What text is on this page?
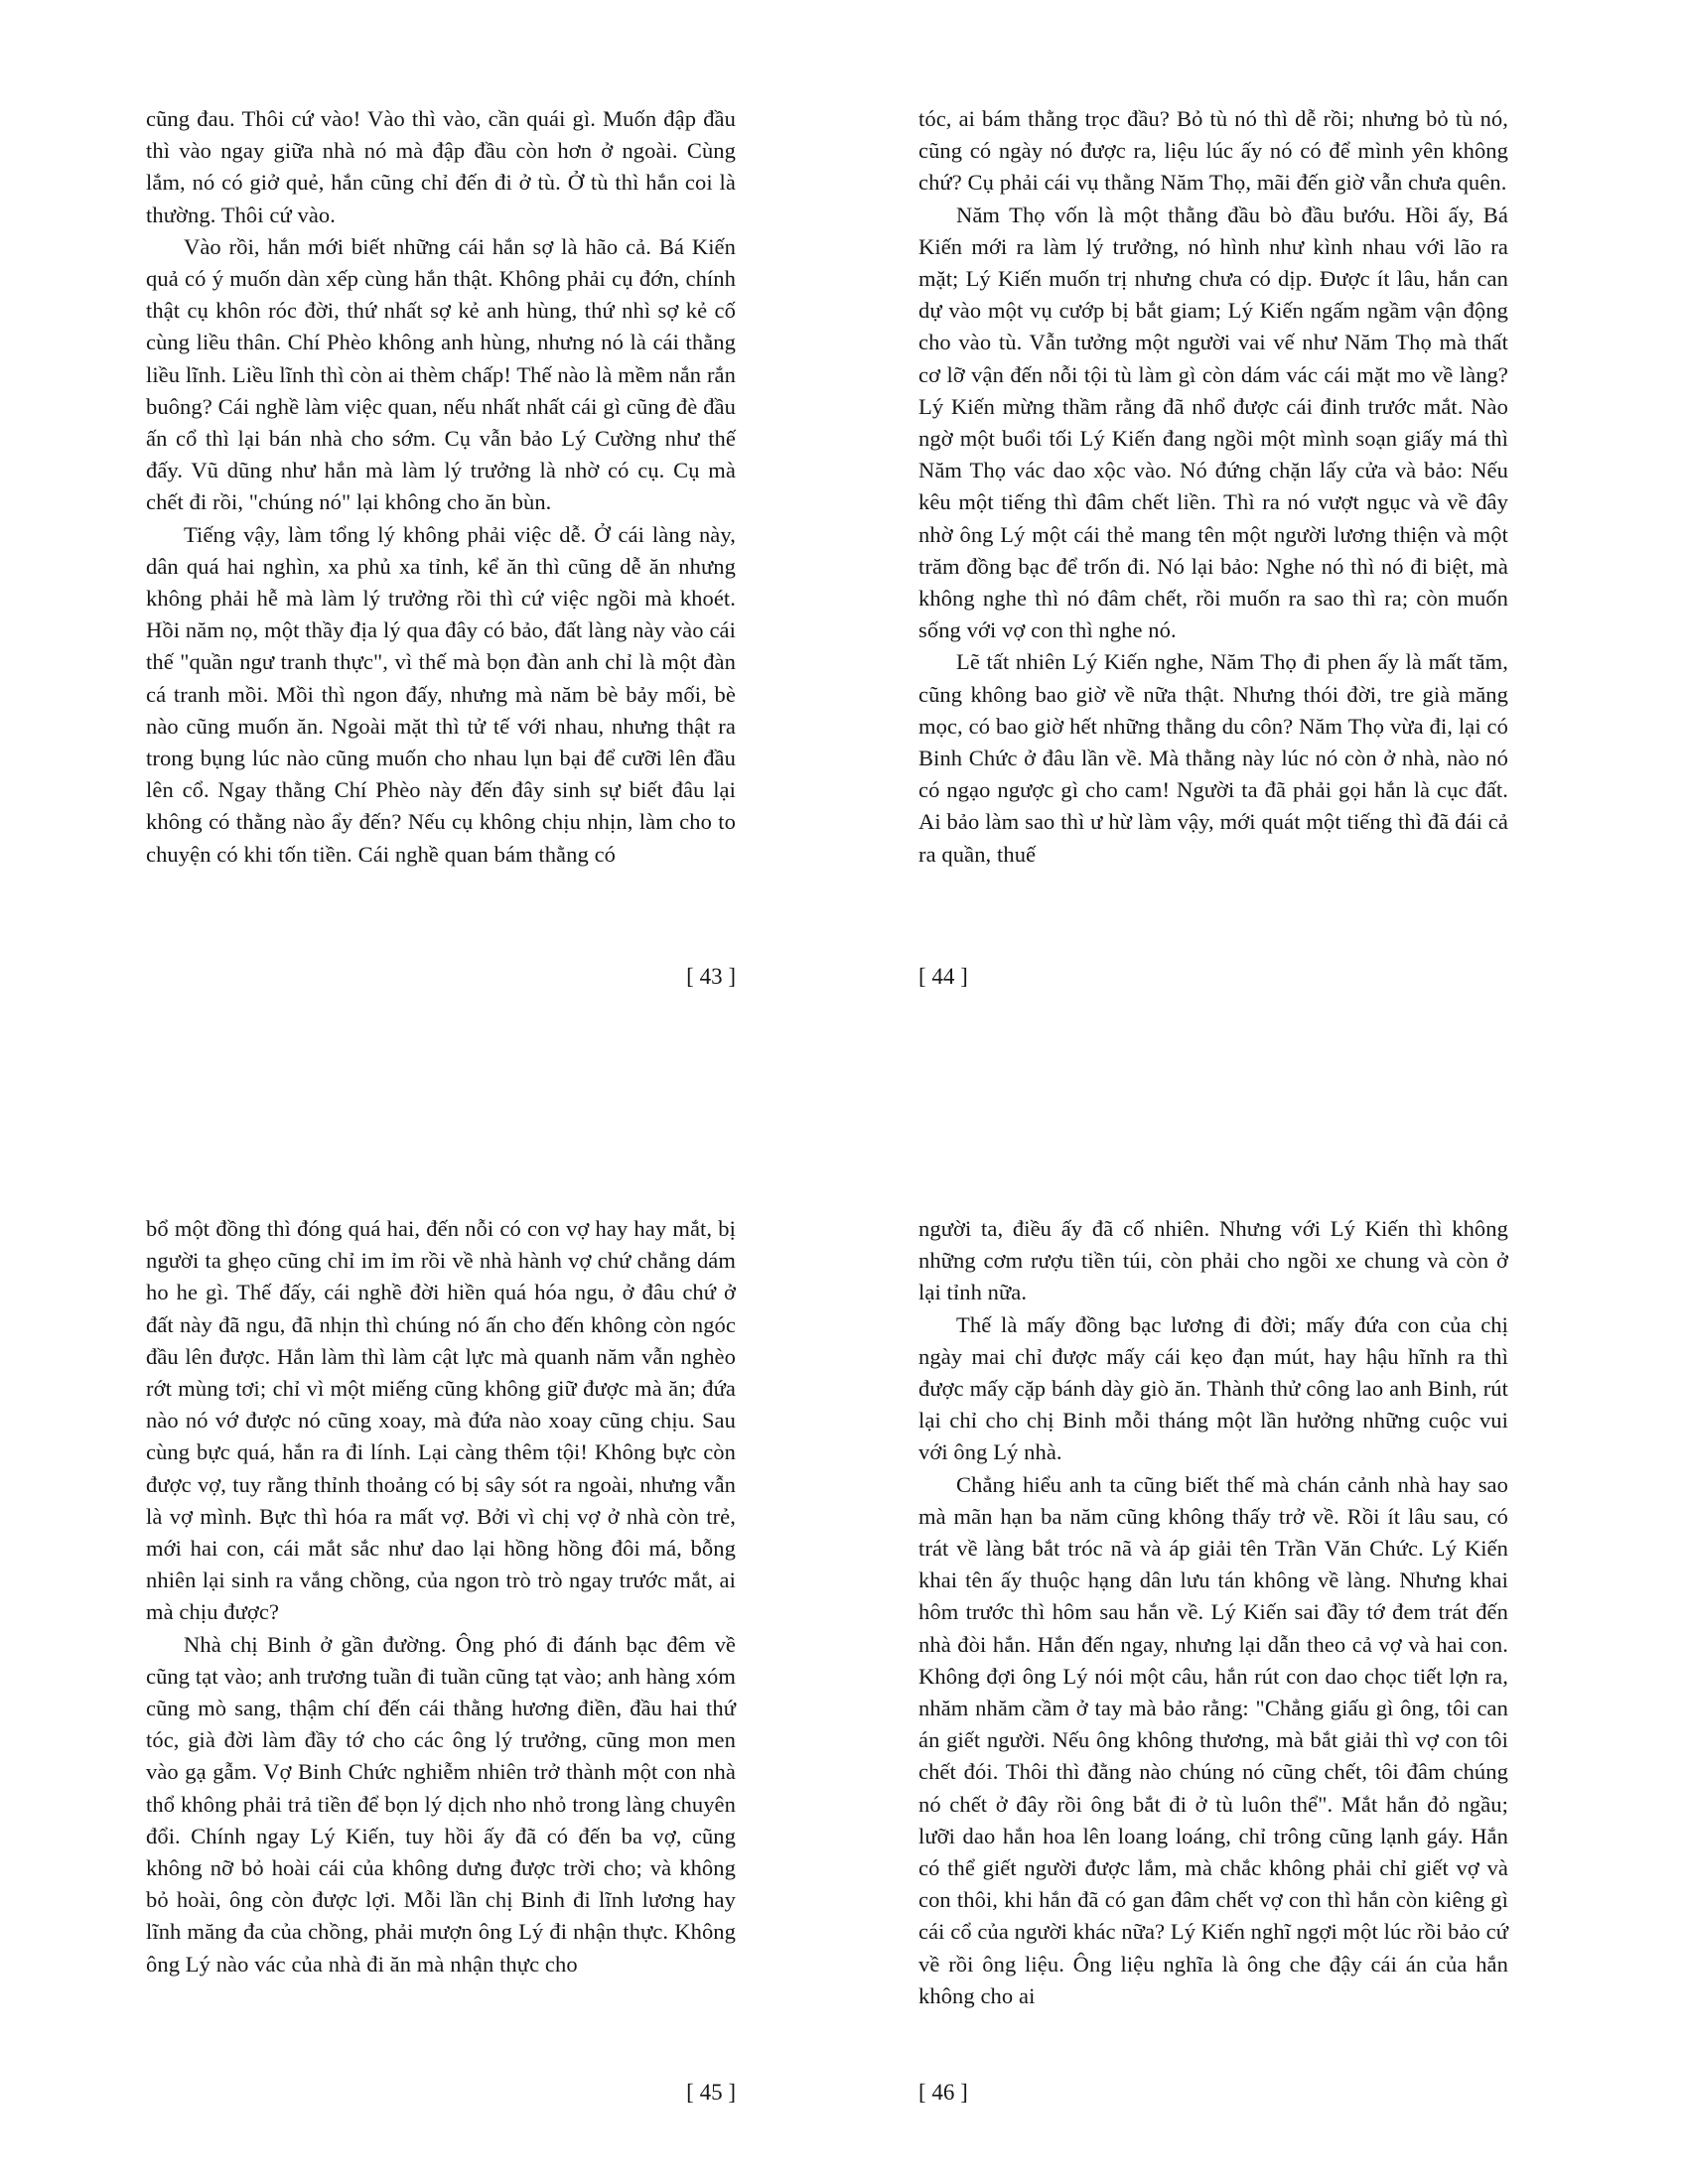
cũng đau. Thôi cứ vào! Vào thì vào, cần quái gì. Muốn đập đầu thì vào ngay giữa nhà nó mà đập đầu còn hơn ở ngoài. Cùng lắm, nó có giở quẻ, hắn cũng chỉ đến đi ở tù. Ở tù thì hắn coi là thường. Thôi cứ vào.

Vào rồi, hắn mới biết những cái hắn sợ là hão cả. Bá Kiến quả có ý muốn dàn xếp cùng hắn thật. Không phải cụ đớn, chính thật cụ khôn róc đời, thứ nhất sợ kẻ anh hùng, thứ nhì sợ kẻ cố cùng liều thân. Chí Phèo không anh hùng, nhưng nó là cái thằng liều lĩnh. Liều lĩnh thì còn ai thèm chấp! Thế nào là mềm nắn rắn buông? Cái nghề làm việc quan, nếu nhất nhất cái gì cũng đè đầu ấn cổ thì lại bán nhà cho sớm. Cụ vẫn bảo Lý Cường như thế đấy. Vũ dũng như hắn mà làm lý trưởng là nhờ có cụ. Cụ mà chết đi rồi, "chúng nó" lại không cho ăn bùn.

Tiếng vậy, làm tổng lý không phải việc dễ. Ở cái làng này, dân quá hai nghìn, xa phủ xa tỉnh, kể ăn thì cũng dễ ăn nhưng không phải hễ mà làm lý trưởng rồi thì cứ việc ngồi mà khoét. Hồi năm nọ, một thầy địa lý qua đây có bảo, đất làng này vào cái thế "quần ngư tranh thực", vì thế mà bọn đàn anh chỉ là một đàn cá tranh mồi. Mồi thì ngon đấy, nhưng mà năm bè bảy mối, bè nào cũng muốn ăn. Ngoài mặt thì tử tế với nhau, nhưng thật ra trong bụng lúc nào cũng muốn cho nhau lụn bại để cưỡi lên đầu lên cổ. Ngay thằng Chí Phèo này đến đây sinh sự biết đâu lại không có thằng nào ẩy đến? Nếu cụ không chịu nhịn, làm cho to chuyện có khi tốn tiền. Cái nghề quan bám thằng có

tóc, ai bám thằng trọc đầu? Bỏ tù nó thì dễ rồi; nhưng bỏ tù nó, cũng có ngày nó được ra, liệu lúc ấy nó có để mình yên không chứ? Cụ phải cái vụ thằng Năm Thọ, mãi đến giờ vẫn chưa quên.

Năm Thọ vốn là một thằng đầu bò đầu bướu. Hồi ấy, Bá Kiến mới ra làm lý trưởng, nó hình như kình nhau với lão ra mặt; Lý Kiến muốn trị nhưng chưa có dịp. Được ít lâu, hắn can dự vào một vụ cướp bị bắt giam; Lý Kiến ngấm ngầm vận động cho vào tù. Vẫn tưởng một người vai vế như Năm Thọ mà thất cơ lỡ vận đến nỗi tội tù làm gì còn dám vác cái mặt mo về làng? Lý Kiến mừng thầm rằng đã nhổ được cái đinh trước mắt. Nào ngờ một buổi tối Lý Kiến đang ngồi một mình soạn giấy má thì Năm Thọ vác dao xộc vào. Nó đứng chặn lấy cửa và bảo: Nếu kêu một tiếng thì đâm chết liền. Thì ra nó vượt ngục và về đây nhờ ông Lý một cái thẻ mang tên một người lương thiện và một trăm đồng bạc để trốn đi. Nó lại bảo: Nghe nó thì nó đi biệt, mà không nghe thì nó đâm chết, rồi muốn ra sao thì ra; còn muốn sống với vợ con thì nghe nó.

Lẽ tất nhiên Lý Kiến nghe, Năm Thọ đi phen ấy là mất tăm, cũng không bao giờ về nữa thật. Nhưng thói đời, tre già măng mọc, có bao giờ hết những thằng du côn? Năm Thọ vừa đi, lại có Binh Chức ở đâu lần về. Mà thằng này lúc nó còn ở nhà, nào nó có ngạo ngược gì cho cam! Người ta đã phải gọi hắn là cục đất. Ai bảo làm sao thì ư hừ làm vậy, mới quát một tiếng thì đã đái cả ra quần, thuế

bổ một đồng thì đóng quá hai, đến nỗi có con vợ hay hay mắt, bị người ta ghẹo cũng chỉ im ỉm rồi về nhà hành vợ chứ chẳng dám ho he gì. Thế đấy, cái nghề đời hiền quá hóa ngu, ở đâu chứ ở đất này đã ngu, đã nhịn thì chúng nó ấn cho đến không còn ngóc đầu lên được. Hắn làm thì làm cật lực mà quanh năm vẫn nghèo rớt mùng tơi; chỉ vì một miếng cũng không giữ được mà ăn; đứa nào nó vớ được nó cũng xoay, mà đứa nào xoay cũng chịu. Sau cùng bực quá, hắn ra đi lính. Lại càng thêm tội! Không bực còn được vợ, tuy rằng thỉnh thoảng có bị sây sót ra ngoài, nhưng vẫn là vợ mình. Bực thì hóa ra mất vợ. Bởi vì chị vợ ở nhà còn trẻ, mới hai con, cái mắt sắc như dao lại hồng hồng đôi má, bỗng nhiên lại sinh ra vắng chồng, của ngon trò trò ngay trước mắt, ai mà chịu được?

Nhà chị Binh ở gần đường. Ông phó đi đánh bạc đêm về cũng tạt vào; anh trương tuần đi tuần cũng tạt vào; anh hàng xóm cũng mò sang, thậm chí đến cái thằng hương điền, đầu hai thứ tóc, già đời làm đầy tớ cho các ông lý trưởng, cũng mon men vào gạ gẫm. Vợ Binh Chức nghiễm nhiên trở thành một con nhà thổ không phải trả tiền để bọn lý dịch nho nhỏ trong làng chuyên đổi. Chính ngay Lý Kiến, tuy hồi ấy đã có đến ba vợ, cũng không nỡ bỏ hoài cái của không dưng được trời cho; và không bỏ hoài, ông còn được lợi. Mỗi lần chị Binh đi lĩnh lương hay lĩnh măng đa của chồng, phải mượn ông Lý đi nhận thực. Không ông Lý nào vác của nhà đi ăn mà nhận thực cho

người ta, điều ấy đã cố nhiên. Nhưng với Lý Kiến thì không những cơm rượu tiền túi, còn phải cho ngồi xe chung và còn ở lại tỉnh nữa.

Thế là mấy đồng bạc lương đi đời; mấy đứa con của chị ngày mai chỉ được mấy cái kẹo đạn mút, hay hậu hĩnh ra thì được mấy cặp bánh dày giò ăn. Thành thử công lao anh Binh, rút lại chỉ cho chị Binh mỗi tháng một lần hưởng những cuộc vui với ông Lý nhà.

Chẳng hiểu anh ta cũng biết thế mà chán cảnh nhà hay sao mà mãn hạn ba năm cũng không thấy trở về. Rồi ít lâu sau, có trát về làng bắt tróc nã và áp giải tên Trần Văn Chức. Lý Kiến khai tên ấy thuộc hạng dân lưu tán không về làng. Nhưng khai hôm trước thì hôm sau hắn về. Lý Kiến sai đầy tớ đem trát đến nhà đòi hắn. Hắn đến ngay, nhưng lại dẫn theo cả vợ và hai con. Không đợi ông Lý nói một câu, hắn rút con dao chọc tiết lợn ra, nhăm nhăm cầm ở tay mà bảo rằng: "Chẳng giấu gì ông, tôi can án giết người. Nếu ông không thương, mà bắt giải thì vợ con tôi chết đói. Thôi thì đằng nào chúng nó cũng chết, tôi đâm chúng nó chết ở đây rồi ông bắt đi ở tù luôn thể". Mắt hắn đỏ ngầu; lưỡi dao hắn hoa lên loang loáng, chỉ trông cũng lạnh gáy. Hắn có thể giết người được lắm, mà chắc không phải chỉ giết vợ và con thôi, khi hắn đã có gan đâm chết vợ con thì hắn còn kiêng gì cái cổ của người khác nữa? Lý Kiến nghĩ ngợi một lúc rồi bảo cứ về rồi ông liệu. Ông liệu nghĩa là ông che đậy cái án của hắn không cho ai

[ 43 ]	[ 44 ]
[ 45 ]	[ 46 ]
